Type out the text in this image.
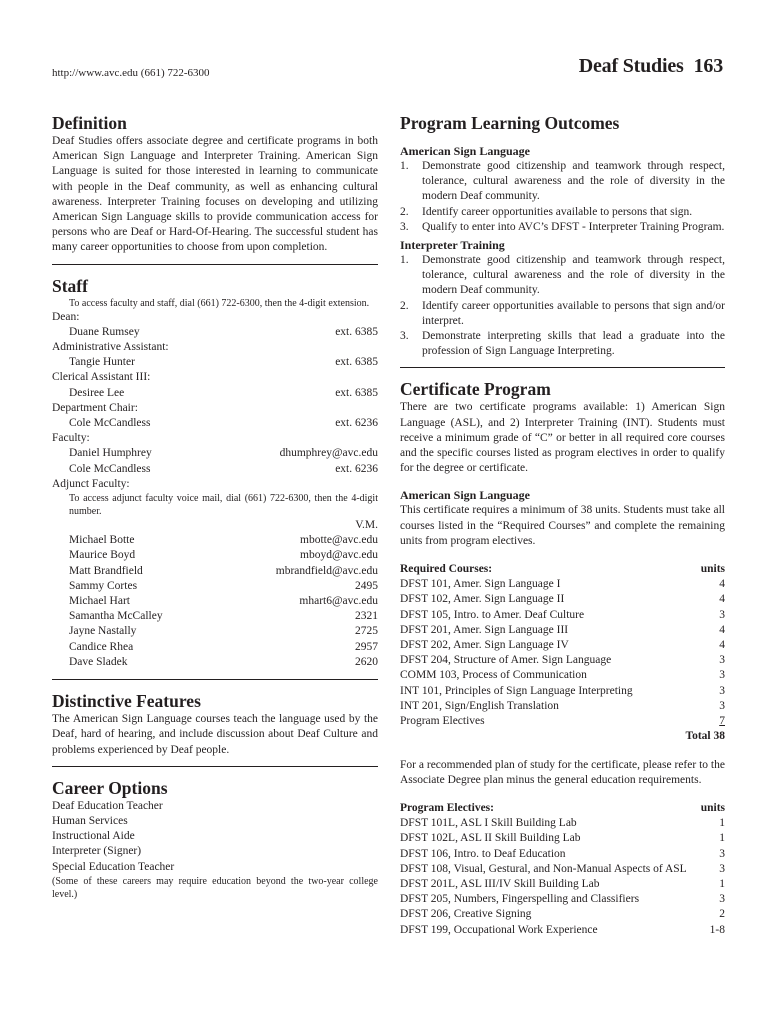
http://www.avc.edu (661) 722-6300	Deaf Studies 163
Definition

Deaf Studies offers associate degree and certificate programs in both American Sign Language and Interpreter Training. American Sign Language is suited for those interested in learning to communicate with people in the Deaf community, as well as enhancing cultural awareness. Interpreter Training focuses on developing and utilizing American Sign Language skills to provide communication access for persons who are Deaf or Hard-Of-Hearing. The successful student has many career opportunities to choose from upon completion.

Staff
To access faculty and staff, dial (661) 722-6300, then the 4-digit extension.
Dean:
Duane Rumsey	ext. 6385
Administrative Assistant:
Tangie Hunter	ext. 6385
Clerical Assistant III:
Desiree Lee	ext. 6385
Department Chair:
Cole McCandless	ext. 6236
Faculty:
Daniel Humphrey	dhumphrey@avc.edu
Cole McCandless	ext. 6236
Adjunct Faculty:
To access adjunct faculty voice mail, dial (661) 722-6300, then the 4-digit number.
V.M.
Michael Botte	mbotte@avc.edu
Maurice Boyd	mboyd@avc.edu
Matt Brandfield	mbrandfield@avc.edu
Sammy Cortes	2495
Michael Hart	mhart6@avc.edu
Samantha McCalley	2321
Jayne Nastally	2725
Candice Rhea	2957
Dave Sladek	2620
Distinctive Features

The American Sign Language courses teach the language used by the Deaf, hard of hearing, and include discussion about Deaf Culture and problems experienced by Deaf people.

Career Options
Deaf Education Teacher
Human Services
Instructional Aide
Interpreter (Signer)
Special Education Teacher
(Some of these careers may require education beyond the two-year college level.)
Program Learning Outcomes
American Sign Language
1.	Demonstrate good citizenship and teamwork through respect, tolerance, cultural awareness and the role of diversity in the modern Deaf community.
2.	Identify career opportunities available to persons that sign.
3.	Qualify to enter into AVC’s DFST - Interpreter Training Program.
Interpreter Training
1.	Demonstrate good citizenship and teamwork through respect, tolerance, cultural awareness and the role of diversity in the modern Deaf community.
2.	Identify career opportunities available to persons that sign and/or interpret.
3.	Demonstrate interpreting skills that lead a graduate into the profession of Sign Language Interpreting.
Certificate Program

There are two certificate programs available: 1) American Sign Language (ASL), and 2) Interpreter Training (INT). Students must receive a minimum grade of “C” or better in all required core courses and the specific courses listed as program electives in order to qualify for the degree or certificate.

American Sign Language

This certificate requires a minimum of 38 units. Students must take all courses listed in the “Required Courses” and complete the remaining units from program electives.

Required Courses:	units
DFST 101, Amer. Sign Language I	4
DFST 102, Amer. Sign Language II	4
DFST 105, Intro. to Amer. Deaf Culture	3
DFST 201, Amer. Sign Language III	4
DFST 202, Amer. Sign Language IV	4
DFST 204, Structure of Amer. Sign Language	3
COMM 103, Process of Communication	3
INT 101, Principles of Sign Language Interpreting	3
INT 201, Sign/English Translation	3
Program Electives	7
Total 38

For a recommended plan of study for the certificate, please refer to the Associate Degree plan minus the general education requirements.

Program Electives:	units
DFST 101L, ASL I Skill Building Lab	1
DFST 102L, ASL II Skill Building Lab	1
DFST 106, Intro. to Deaf Education	3
DFST 108, Visual, Gestural, and Non-Manual Aspects of ASL	3
DFST 201L, ASL III/IV Skill Building Lab	1
DFST 205, Numbers, Fingerspelling and Classifiers	3
DFST 206, Creative Signing	2
DFST 199, Occupational Work Experience	1-8
